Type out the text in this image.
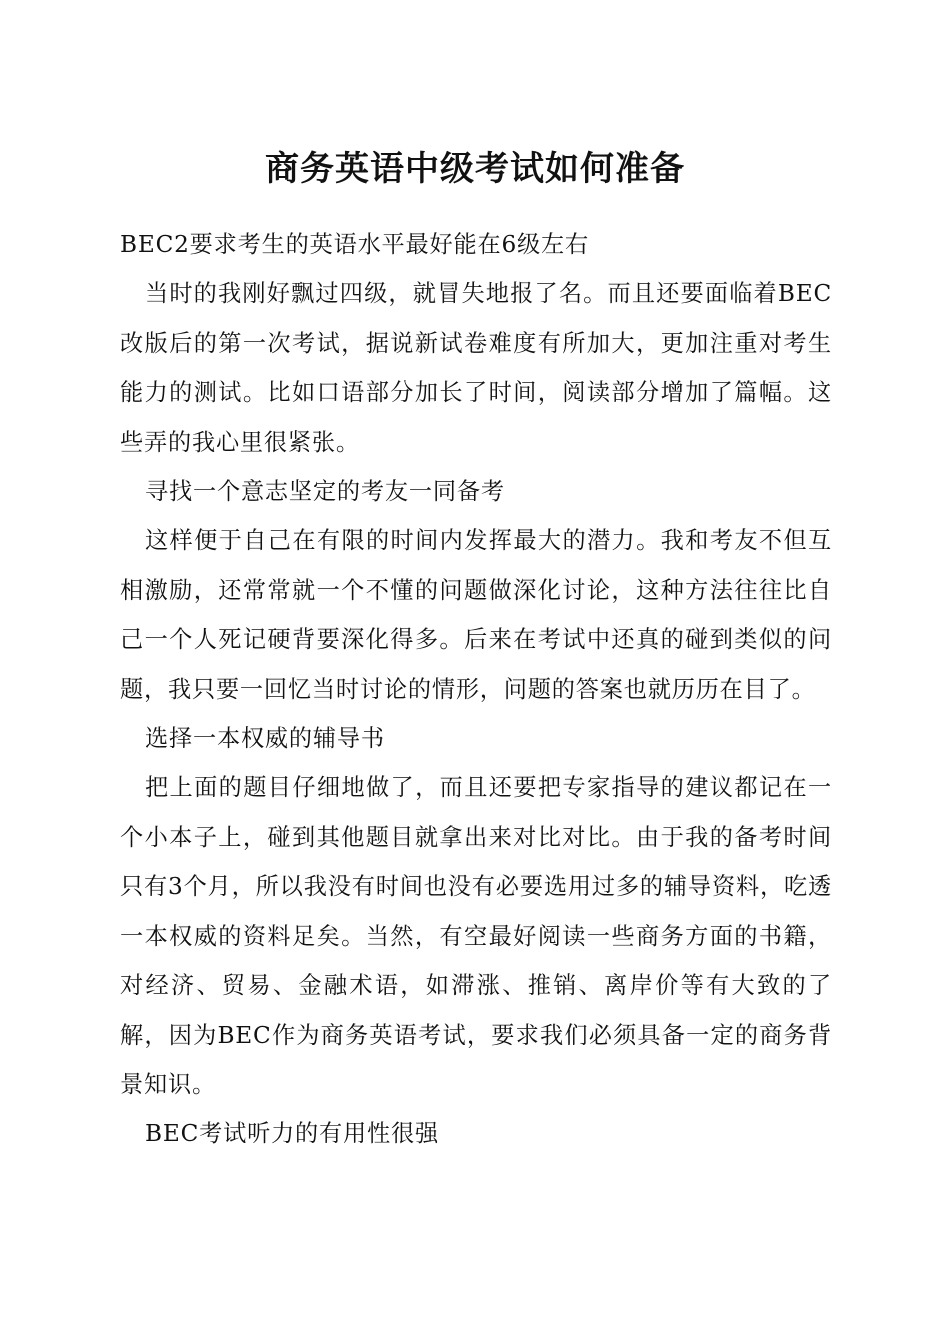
商务英语中级考试如何准备

BEC2要求考生的英语水平最好能在6级左右

当时的我刚好飘过四级，就冒失地报了名。而且还要面临着BEC改版后的第一次考试，据说新试卷难度有所加大，更加注重对考生能力的测试。比如口语部分加长了时间，阅读部分增加了篇幅。这些弄的我心里很紧张。

寻找一个意志坚定的考友一同备考

这样便于自己在有限的时间内发挥最大的潜力。我和考友不但互相激励，还常常就一个不懂的问题做深化讨论，这种方法往往比自己一个人死记硬背要深化得多。后来在考试中还真的碰到类似的问题，我只要一回忆当时讨论的情形，问题的答案也就历历在目了。

选择一本权威的辅导书

把上面的题目仔细地做了，而且还要把专家指导的建议都记在一个小本子上，碰到其他题目就拿出来对比对比。由于我的备考时间只有3个月，所以我没有时间也没有必要选用过多的辅导资料，吃透一本权威的资料足矣。当然，有空最好阅读一些商务方面的书籍，对经济、贸易、金融术语，如滞涨、推销、离岸价等有大致的了解，因为BEC作为商务英语考试，要求我们必须具备一定的商务背景知识。

BEC考试听力的有用性很强
